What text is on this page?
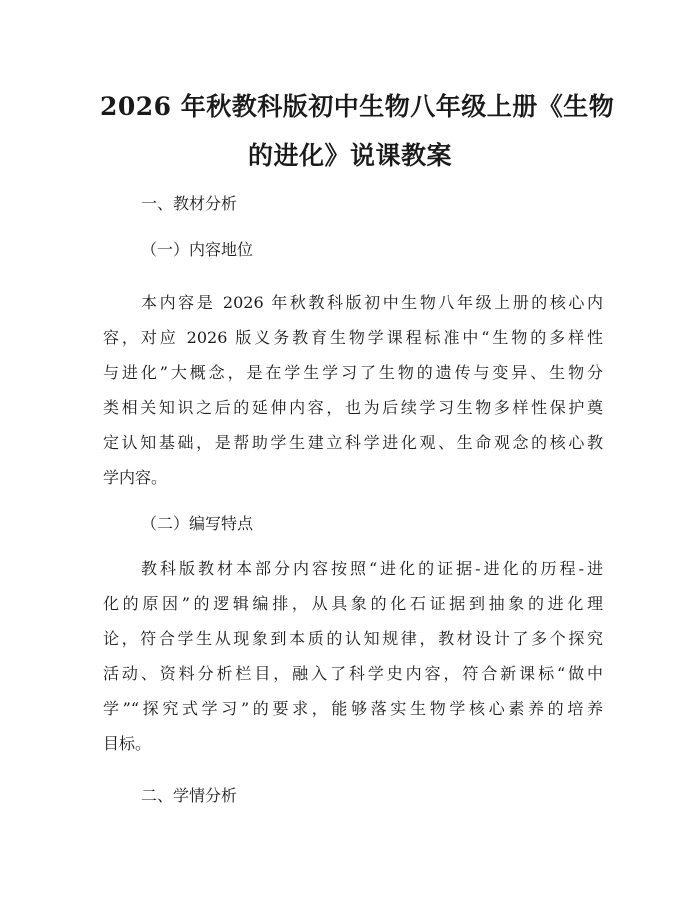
2026 年秋教科版初中生物八年级上册《生物
的进化》说课教案
一、教材分析
（一）内容地位
本内容是 2026 年秋教科版初中生物八年级上册的核心内
容，对应 2026 版义务教育生物学课程标准中“生物的多样性
与进化”大概念，是在学生学习了生物的遗传与变异、生物分
类相关知识之后的延伸内容，也为后续学习生物多样性保护奠
定认知基础，是帮助学生建立科学进化观、生命观念的核心教
学内容。
（二）编写特点
教科版教材本部分内容按照“进化的证据-进化的历程-进
化的原因”的逻辑编排，从具象的化石证据到抽象的进化理
论，符合学生从现象到本质的认知规律，教材设计了多个探究
活动、资料分析栏目，融入了科学史内容，符合新课标“做中
学”“探究式学习”的要求，能够落实生物学核心素养的培养
目标。
二、学情分析
